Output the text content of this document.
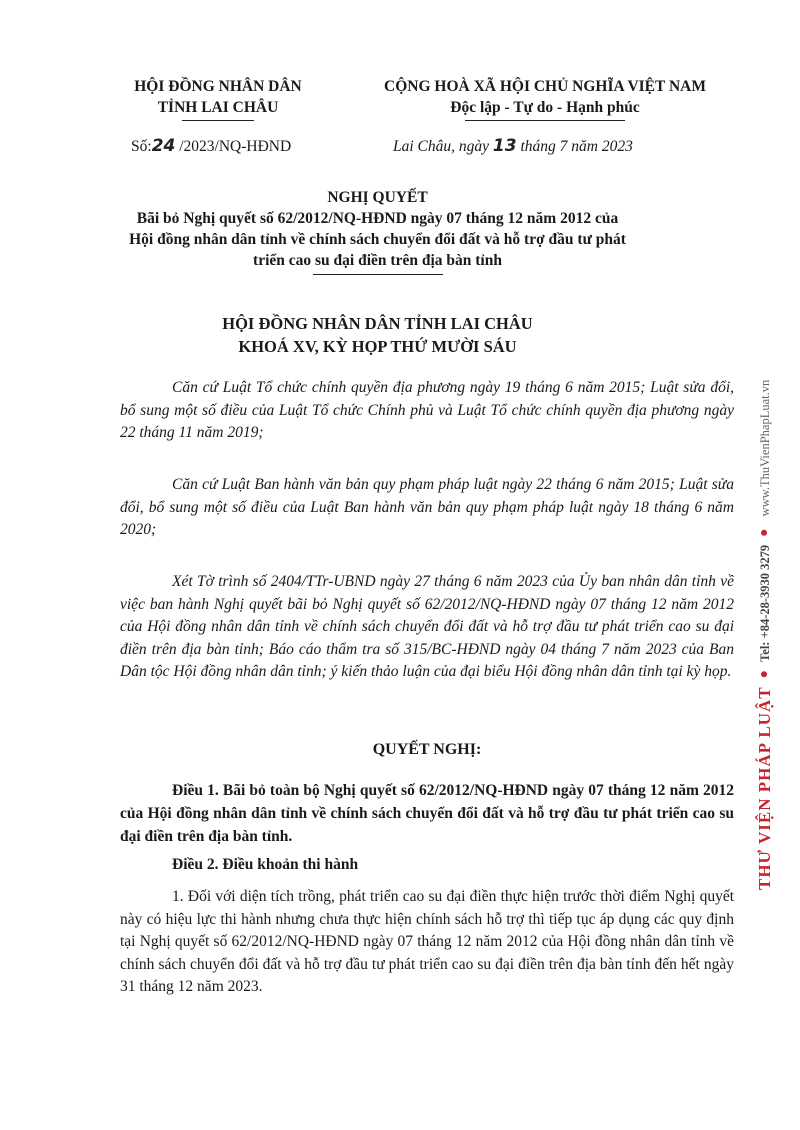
HỘI ĐỒNG NHÂN DÂN
TỈNH LAI CHÂU
CỘNG HOÀ XÃ HỘI CHỦ NGHĨA VIỆT NAM
Độc lập - Tự do - Hạnh phúc
Số:24 /2023/NQ-HĐND	Lai Châu, ngày 13 tháng 7 năm 2023
NGHỊ QUYẾT
Bãi bỏ Nghị quyết số 62/2012/NQ-HĐND ngày 07 tháng 12 năm 2012 của
Hội đồng nhân dân tỉnh về chính sách chuyển đổi đất và hỗ trợ đầu tư phát
triển cao su đại điền trên địa bàn tỉnh
HỘI ĐỒNG NHÂN DÂN TỈNH LAI CHÂU
KHOÁ XV, KỲ HỌP THỨ MƯỜI SÁU

Căn cứ Luật Tổ chức chính quyền địa phương ngày 19 tháng 6 năm 2015; Luật sửa đổi, bổ sung một số điều của Luật Tổ chức Chính phủ và Luật Tổ chức chính quyền địa phương ngày 22 tháng 11 năm 2019;

Căn cứ Luật Ban hành văn bản quy phạm pháp luật ngày 22 tháng 6 năm 2015; Luật sửa đổi, bổ sung một số điều của Luật Ban hành văn bản quy phạm pháp luật ngày 18 tháng 6 năm 2020;

Xét Tờ trình số 2404/TTr-UBND ngày 27 tháng 6 năm 2023 của Ủy ban nhân dân tỉnh về việc ban hành Nghị quyết bãi bỏ Nghị quyết số 62/2012/NQ-HĐND ngày 07 tháng 12 năm 2012 của Hội đồng nhân dân tỉnh về chính sách chuyển đổi đất và hỗ trợ đầu tư phát triển cao su đại điền trên địa bàn tỉnh; Báo cáo thẩm tra số 315/BC-HĐND ngày 04 tháng 7 năm 2023 của Ban Dân tộc Hội đồng nhân dân tỉnh; ý kiến thảo luận của đại biểu Hội đồng nhân dân tỉnh tại kỳ họp.

QUYẾT NGHỊ:

Điều 1. Bãi bỏ toàn bộ Nghị quyết số 62/2012/NQ-HĐND ngày 07 tháng 12 năm 2012 của Hội đồng nhân dân tỉnh về chính sách chuyển đổi đất và hỗ trợ đầu tư phát triển cao su đại điền trên địa bàn tỉnh.

Điều 2. Điều khoản thi hành

1. Đối với diện tích trồng, phát triển cao su đại điền thực hiện trước thời điểm Nghị quyết này có hiệu lực thi hành nhưng chưa thực hiện chính sách hỗ trợ thì tiếp tục áp dụng các quy định tại Nghị quyết số 62/2012/NQ-HĐND ngày 07 tháng 12 năm 2012 của Hội đồng nhân dân tỉnh về chính sách chuyển đổi đất và hỗ trợ đầu tư phát triển cao su đại điền trên địa bàn tỉnh đến hết ngày 31 tháng 12 năm 2023.

THƯ VIỆN PHÁP LUẬT
●
Tel: +84-28-3930 3279
●
www.ThuVienPhapLuat.vn
